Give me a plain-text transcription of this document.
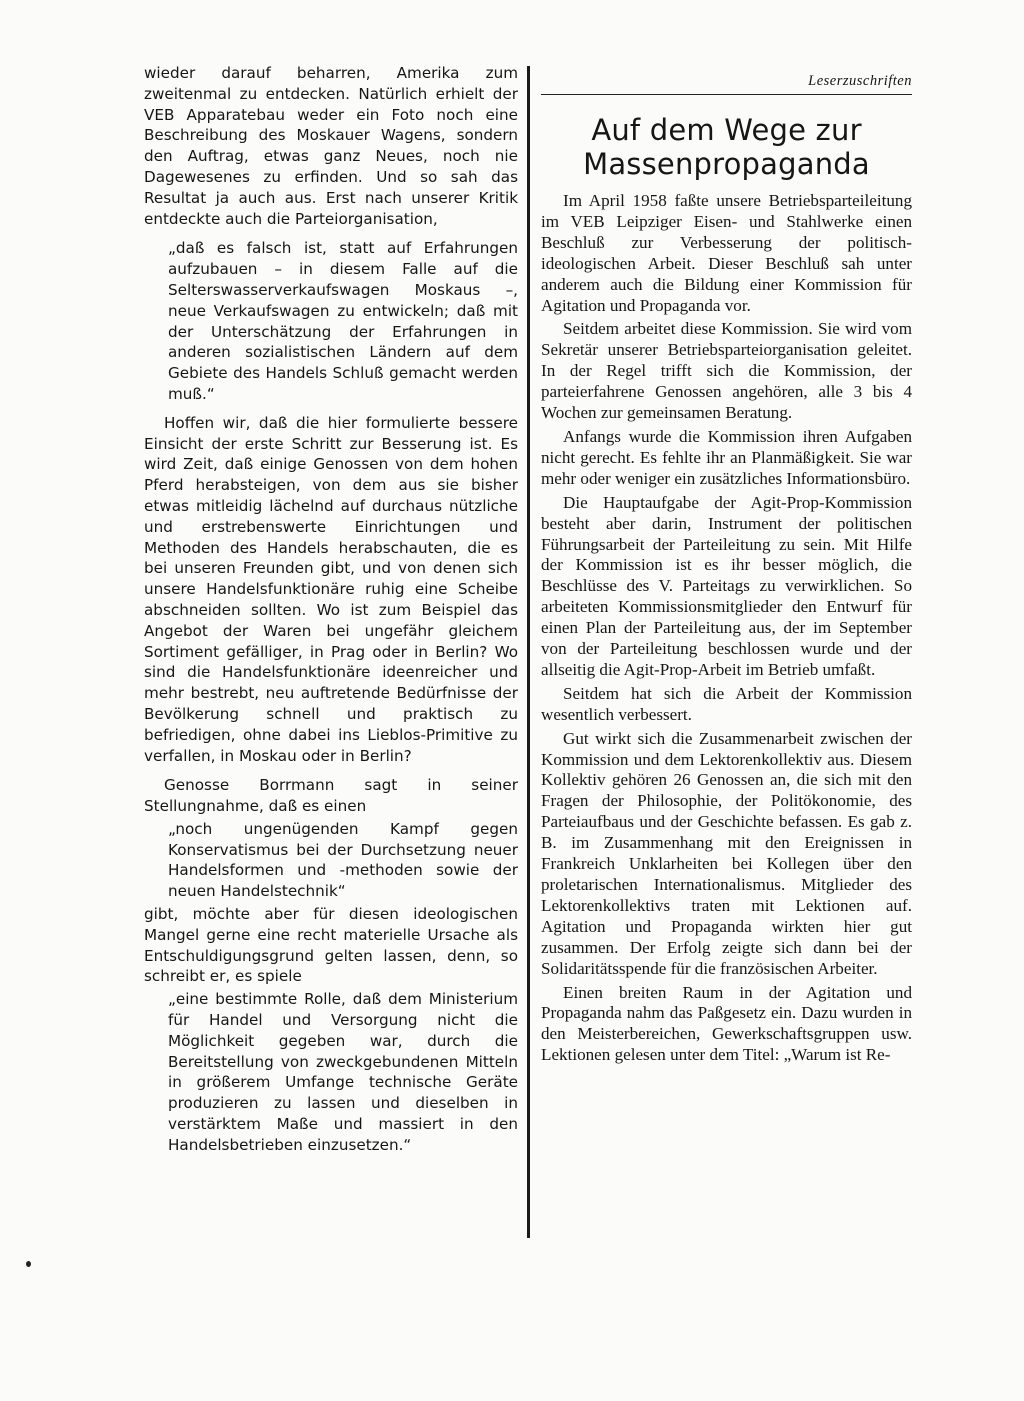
wieder darauf beharren, Amerika zum zweitenmal zu entdecken. Natürlich erhielt der VEB Apparatebau weder ein Foto noch eine Beschreibung des Moskauer Wagens, sondern den Auftrag, etwas ganz Neues, noch nie Dagewesenes zu erfinden. Und so sah das Resultat ja auch aus. Erst nach unserer Kritik entdeckte auch die Parteiorganisation,

„daß es falsch ist, statt auf Erfahrungen aufzubauen – in diesem Falle auf die Selterswasserverkaufswagen Moskaus –, neue Verkaufswagen zu entwickeln; daß mit der Unterschätzung der Erfahrungen in anderen sozialistischen Ländern auf dem Gebiete des Handels Schluß gemacht werden muß.“

Hoffen wir, daß die hier formulierte bessere Einsicht der erste Schritt zur Besserung ist. Es wird Zeit, daß einige Genossen von dem hohen Pferd herabsteigen, von dem aus sie bisher etwas mitleidig lächelnd auf durchaus nützliche und erstrebenswerte Einrichtungen und Methoden des Handels herabschauten, die es bei unseren Freunden gibt, und von denen sich unsere Handelsfunktionäre ruhig eine Scheibe abschneiden sollten. Wo ist zum Beispiel das Angebot der Waren bei ungefähr gleichem Sortiment gefälliger, in Prag oder in Berlin? Wo sind die Handelsfunktionäre ideenreicher und mehr bestrebt, neu auftretende Bedürfnisse der Bevölkerung schnell und praktisch zu befriedigen, ohne dabei ins Lieblos-Primitive zu verfallen, in Moskau oder in Berlin?

Genosse Borrmann sagt in seiner Stellungnahme, daß es einen

„noch ungenügenden Kampf gegen Konservatismus bei der Durchsetzung neuer Handelsformen und -methoden sowie der neuen Handelstechnik“

gibt, möchte aber für diesen ideologischen Mangel gerne eine recht materielle Ursache als Entschuldigungsgrund gelten lassen, denn, so schreibt er, es spiele

„eine bestimmte Rolle, daß dem Ministerium für Handel und Versorgung nicht die Möglichkeit gegeben war, durch die Bereitstellung von zweckgebundenen Mitteln in größerem Umfange technische Geräte produzieren zu lassen und dieselben in verstärktem Maße und massiert in den Handelsbetrieben einzusetzen.“
Leserzuschriften
Auf dem Wege zur Massenpropaganda

Im April 1958 faßte unsere Betriebsparteileitung im VEB Leipziger Eisen- und Stahlwerke einen Beschluß zur Verbesserung der politisch-ideologischen Arbeit. Dieser Beschluß sah unter anderem auch die Bildung einer Kommission für Agitation und Propaganda vor.

Seitdem arbeitet diese Kommission. Sie wird vom Sekretär unserer Betriebsparteiorganisation geleitet. In der Regel trifft sich die Kommission, der parteierfahrene Genossen angehören, alle 3 bis 4 Wochen zur gemeinsamen Beratung.

Anfangs wurde die Kommission ihren Aufgaben nicht gerecht. Es fehlte ihr an Planmäßigkeit. Sie war mehr oder weniger ein zusätzliches Informationsbüro.

Die Hauptaufgabe der Agit-Prop-Kommission besteht aber darin, Instrument der politischen Führungsarbeit der Parteileitung zu sein. Mit Hilfe der Kommission ist es ihr besser möglich, die Beschlüsse des V. Parteitags zu verwirklichen. So arbeiteten Kommissionsmitglieder den Entwurf für einen Plan der Parteileitung aus, der im September von der Parteileitung beschlossen wurde und der allseitig die Agit-Prop-Arbeit im Betrieb umfaßt.

Seitdem hat sich die Arbeit der Kommission wesentlich verbessert.

Gut wirkt sich die Zusammenarbeit zwischen der Kommission und dem Lektorenkollektiv aus. Diesem Kollektiv gehören 26 Genossen an, die sich mit den Fragen der Philosophie, der Politökonomie, des Parteiaufbaus und der Geschichte befassen. Es gab z. B. im Zusammenhang mit den Ereignissen in Frankreich Unklarheiten bei Kollegen über den proletarischen Internationalismus. Mitglieder des Lektorenkollektivs traten mit Lektionen auf. Agitation und Propaganda wirkten hier gut zusammen. Der Erfolg zeigte sich dann bei der Solidaritätsspende für die französischen Arbeiter.

Einen breiten Raum in der Agitation und Propaganda nahm das Paßgesetz ein. Dazu wurden in den Meisterbereichen, Gewerkschaftsgruppen usw. Lektionen gelesen unter dem Titel: „Warum ist Re-
